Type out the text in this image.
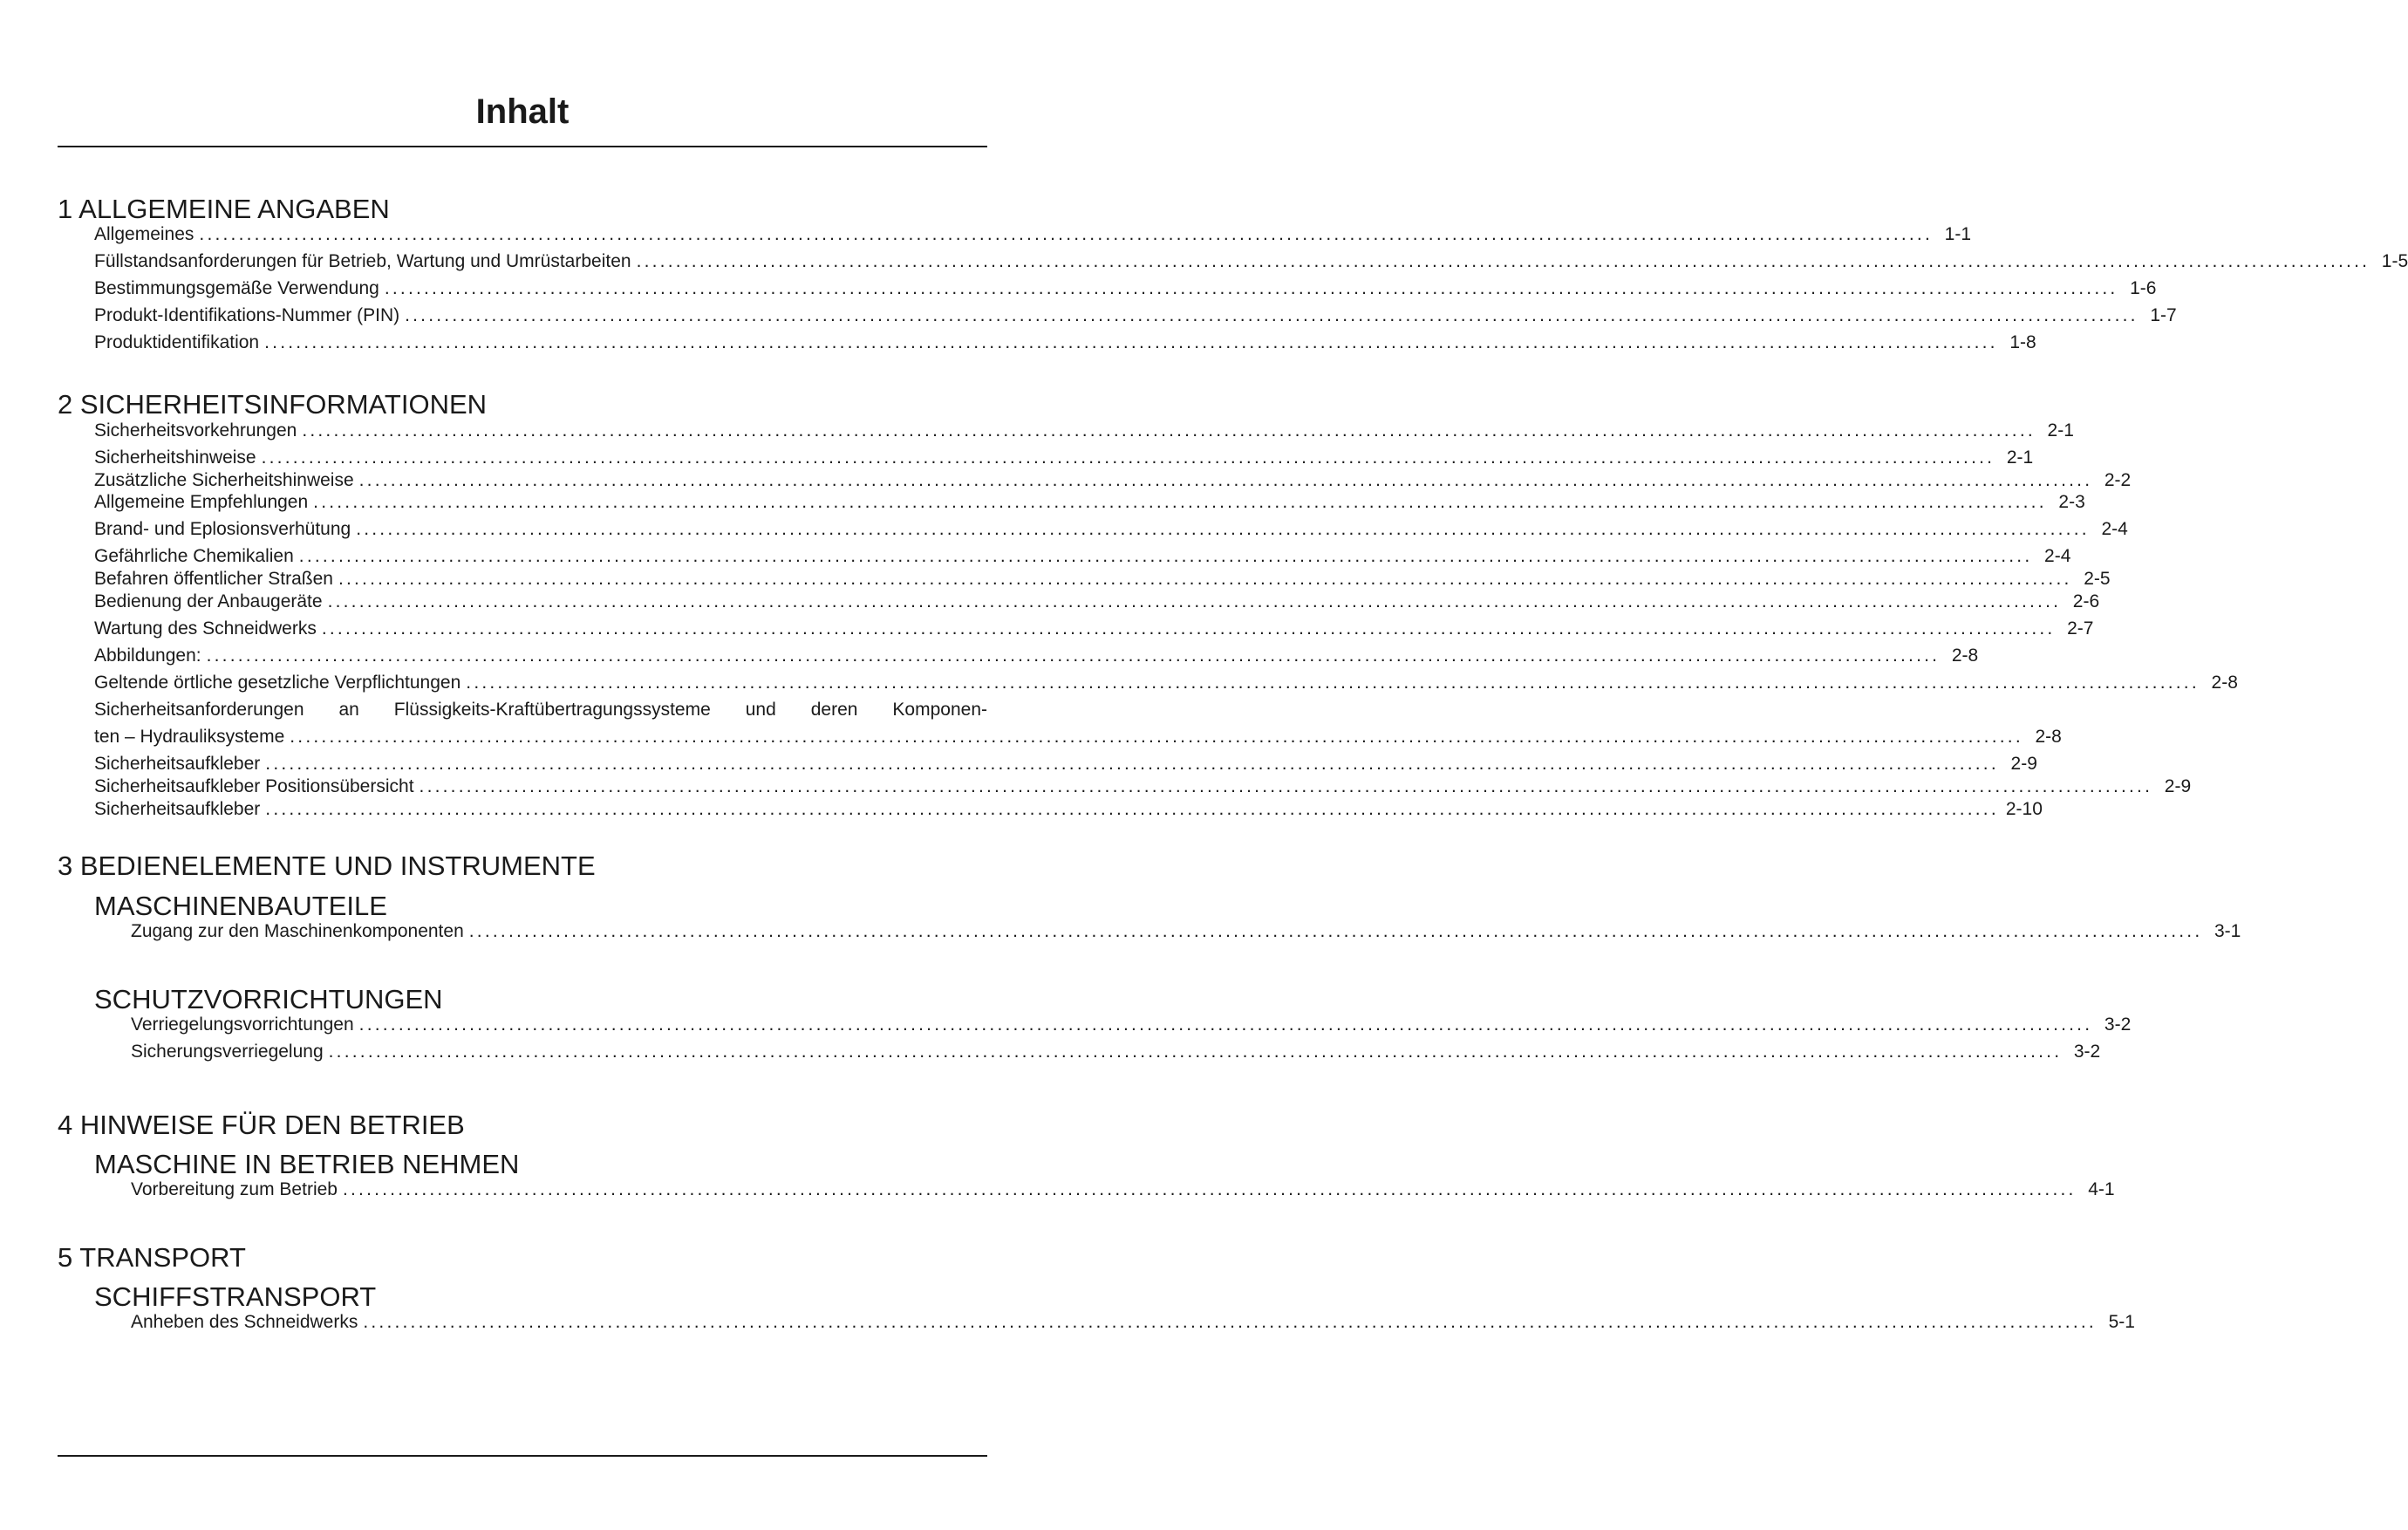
Inhalt
1 ALLGEMEINE ANGABEN
Allgemeines ............................................................................................................................................................................................................................ 1-1
Füllstandsanforderungen für Betrieb, Wartung und Umrüstarbeiten ............................................................................................................................................................................................................................ 1-5
Bestimmungsgemäße Verwendung ............................................................................................................................................................................................................................ 1-6
Produkt-Identifikations-Nummer (PIN) ............................................................................................................................................................................................................................ 1-7
Produktidentifikation ............................................................................................................................................................................................................................ 1-8
2 SICHERHEITSINFORMATIONEN
Sicherheitsvorkehrungen ............................................................................................................................................................................................................................ 2-1
Sicherheitshinweise ............................................................................................................................................................................................................................ 2-1
Zusätzliche Sicherheitshinweise ............................................................................................................................................................................................................................ 2-2
Allgemeine Empfehlungen ............................................................................................................................................................................................................................ 2-3
Brand- und Eplosionsverhütung ............................................................................................................................................................................................................................ 2-4
Gefährliche Chemikalien ............................................................................................................................................................................................................................ 2-4
Befahren öffentlicher Straßen ............................................................................................................................................................................................................................ 2-5
Bedienung der Anbaugeräte ............................................................................................................................................................................................................................ 2-6
Wartung des Schneidwerks ............................................................................................................................................................................................................................ 2-7
Abbildungen: ............................................................................................................................................................................................................................ 2-8
Geltende örtliche gesetzliche Verpflichtungen ............................................................................................................................................................................................................................ 2-8
Sicherheitsanforderungen an Flüssigkeits-Kraftübertragungssysteme und deren Komponen-
ten – Hydrauliksysteme ............................................................................................................................................................................................................................ 2-8
Sicherheitsaufkleber ............................................................................................................................................................................................................................ 2-9
Sicherheitsaufkleber Positionsübersicht ............................................................................................................................................................................................................................ 2-9
Sicherheitsaufkleber ............................................................................................................................................................................................................................ 2-10
3 BEDIENELEMENTE UND INSTRUMENTE
MASCHINENBAUTEILE
Zugang zur den Maschinenkomponenten ............................................................................................................................................................................................................................ 3-1
SCHUTZVORRICHTUNGEN
Verriegelungsvorrichtungen ............................................................................................................................................................................................................................ 3-2
Sicherungsverriegelung ............................................................................................................................................................................................................................ 3-2
4 HINWEISE FÜR DEN BETRIEB
MASCHINE IN BETRIEB NEHMEN
Vorbereitung zum Betrieb ............................................................................................................................................................................................................................ 4-1
5 TRANSPORT
SCHIFFSTRANSPORT
Anheben des Schneidwerks ............................................................................................................................................................................................................................ 5-1
